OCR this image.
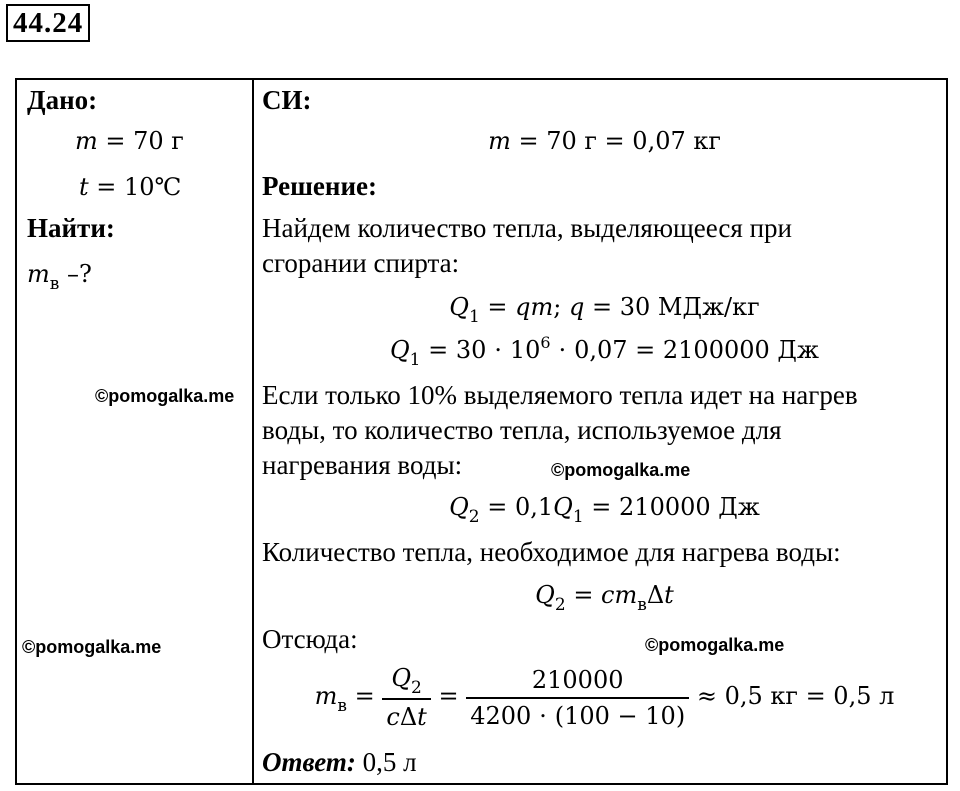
44.24
Дано:
𝑚 = 70 г
𝑡 = 10℃
Найти:
𝑚$_в$ –?
СИ:
𝑚 = 70 г = 0,07 кг
Решение:
Найдем количество тепла, выделяющееся при
сгорании спирта:
𝑄$_1$ = 𝑞𝑚; 𝑞 = 30 МДж/кг
𝑄$_1$ = $30 \cdot 10^6 \cdot 0,07 = 2100000$ Дж
Если только 10% выделяемого тепла идет на нагрев
воды, то количество тепла, используемое для
нагревания воды:
𝑄$_2$ = 0,1𝑄$_1$ = 210000 Дж
Количество тепла, необходимое для нагрева воды:
𝑄$_2$ = 𝑐𝑚$_в$Δ𝑡
Отсюда:
𝑚$_в$ = $\frac{𝑄_2}{\text{𝑐Δ𝑡}} = \frac{210000}{4200 \cdot (100 - 10)} \approx 0,5$ кг = 0,5 л
Ответ: 0,5 л
©pomogalka.me
©pomogalka.me
©pomogalka.me	©pomogalka.me
